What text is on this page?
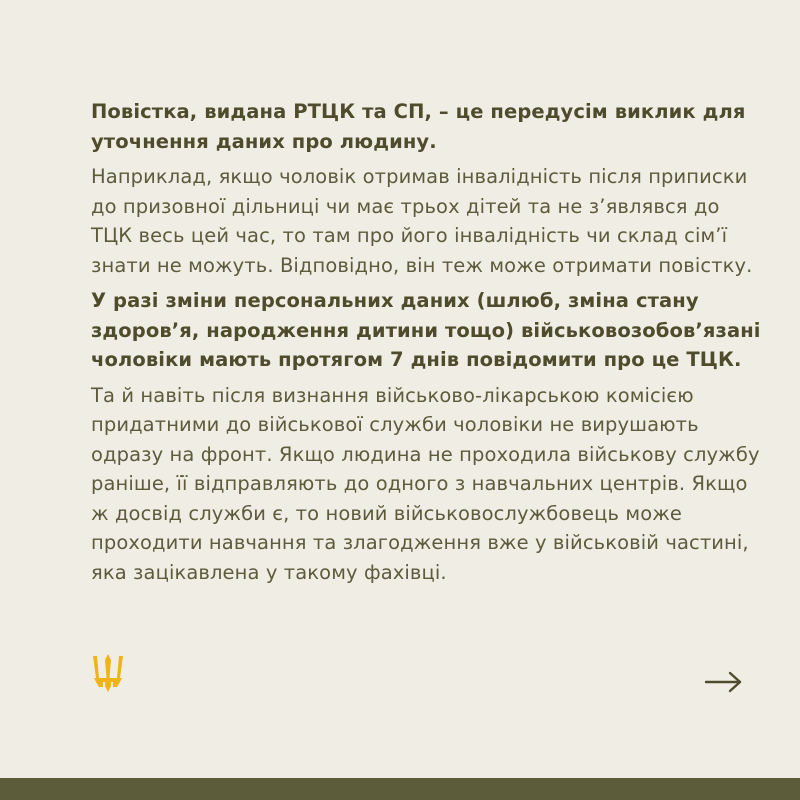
Повістка, видана РТЦК та СП, – це передусім виклик для уточнення даних про людину.

Наприклад, якщо чоловік отримав інвалідність після приписки до призовної дільниці чи має трьох дітей та не з’являвся до ТЦК весь цей час, то там про його інвалідність чи склад сім’ї знати не можуть. Відповідно, він теж може отримати повістку.

У разі зміни персональних даних (шлюб, зміна стану здоров’я, народження дитини тощо) військовозобов’язані чоловіки мають протягом 7 днів повідомити про це ТЦК.

Та й навіть після визнання військово-лікарською комісією придатними до військової служби чоловіки не вирушають одразу на фронт. Якщо людина не проходила військову службу раніше, її відправляють до одного з навчальних центрів. Якщо ж досвід служби є, то новий військовослужбовець може проходити навчання та злагодження вже у військовій частині, яка зацікавлена у такому фахівці.
